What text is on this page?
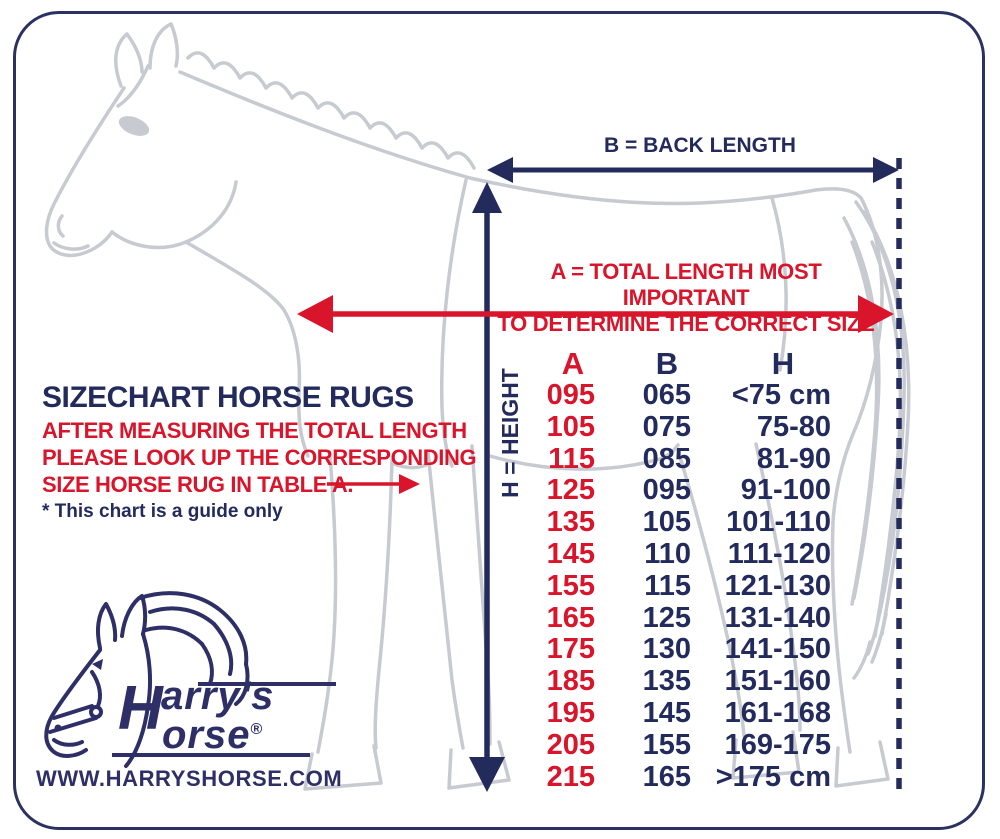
B = BACK LENGTH
A = TOTAL LENGTH MOST IMPORTANT
TO DETERMINE THE CORRECT SIZE
H = HEIGHT
SIZECHART HORSE RUGS
AFTER MEASURING THE TOTAL LENGTH
PLEASE LOOK UP THE CORRESPONDING
SIZE HORSE RUG IN TABLE A.
* This chart is a guide only
A	B	H
095	065	<75 cm
105	075	75-80
115	085	81-90
125	095	91-100
135	105	101-110
145	110	111-120
155	115	121-130
165	125	131-140
175	130	141-150
185	135	151-160
195	145	161-168
205	155	169-175
215	165 >175 cm
H
arry's
orse®
WWW.HARRYSHORSE.COM
